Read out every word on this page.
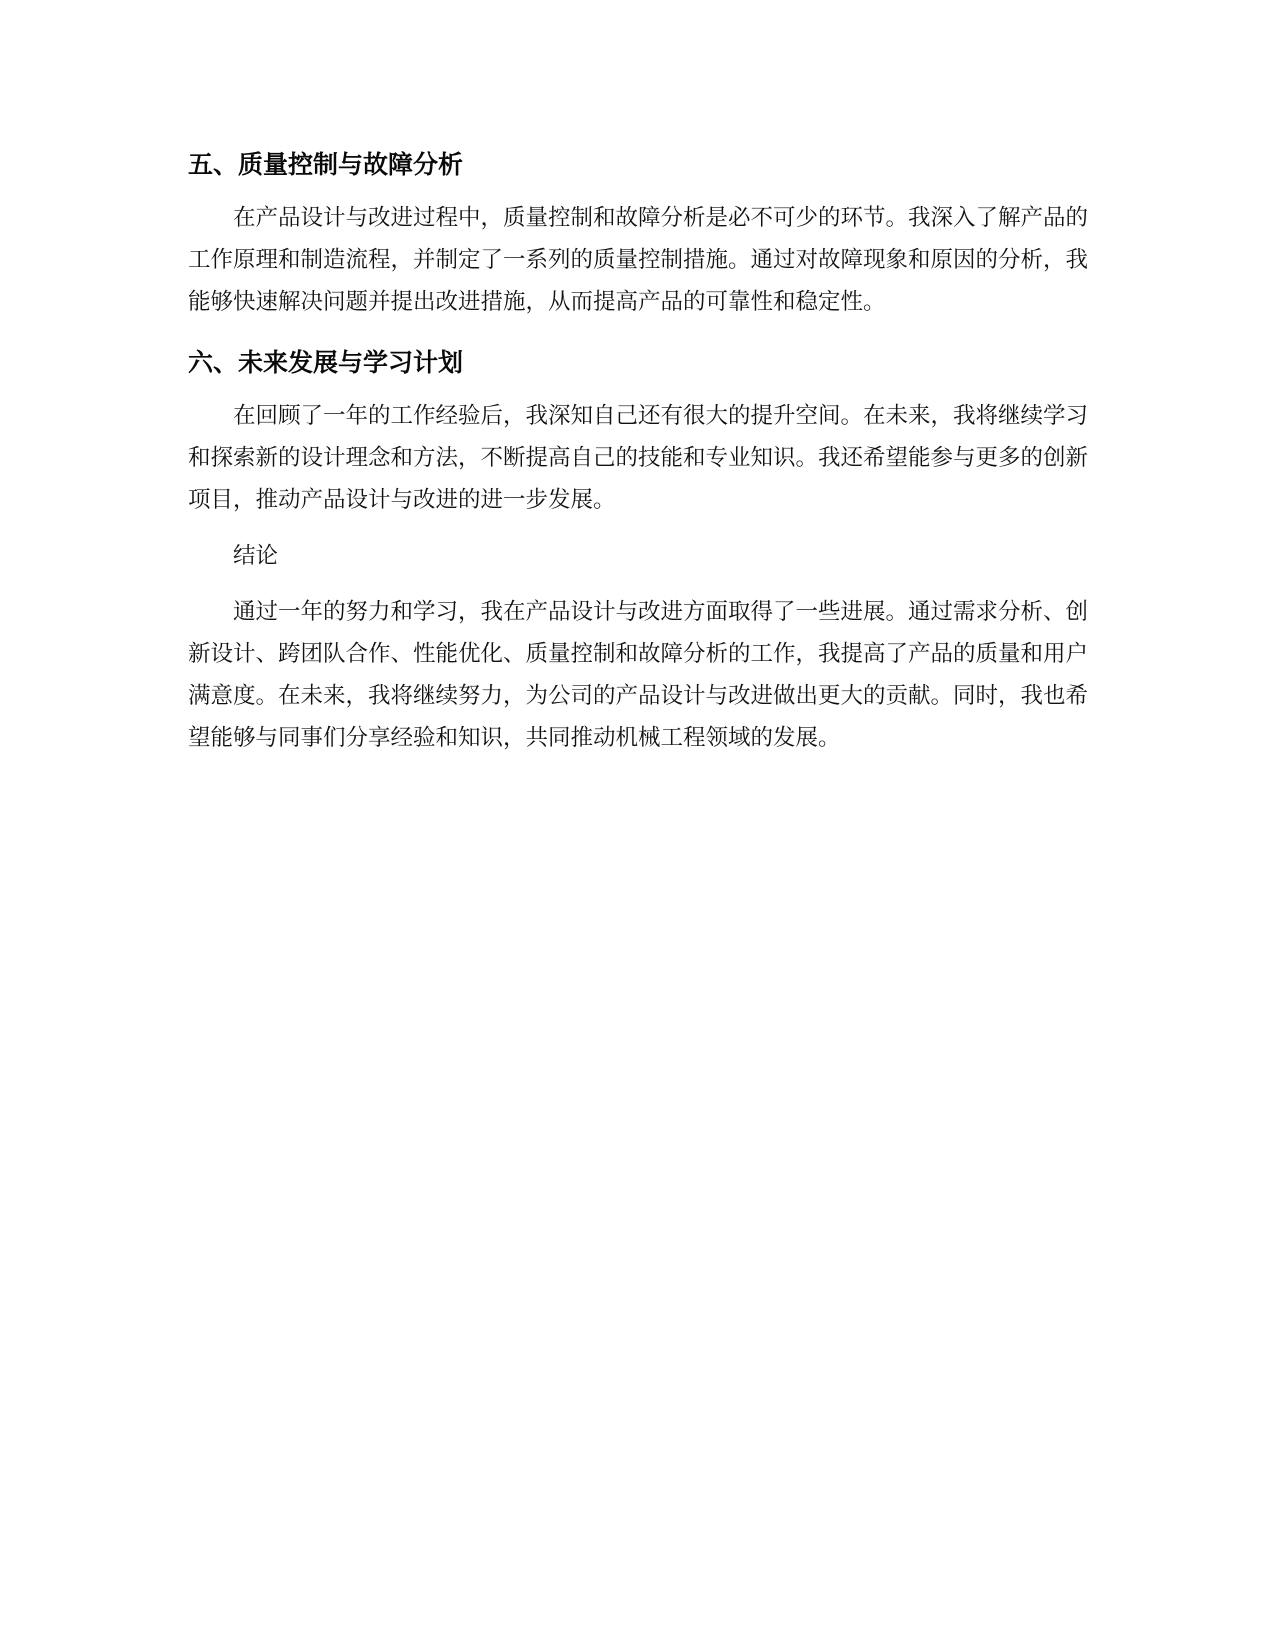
五、质量控制与故障分析

在产品设计与改进过程中，质量控制和故障分析是必不可少的环节。我深入了解产品的工作原理和制造流程，并制定了一系列的质量控制措施。通过对故障现象和原因的分析，我能够快速解决问题并提出改进措施，从而提高产品的可靠性和稳定性。

六、未来发展与学习计划

在回顾了一年的工作经验后，我深知自己还有很大的提升空间。在未来，我将继续学习和探索新的设计理念和方法，不断提高自己的技能和专业知识。我还希望能参与更多的创新项目，推动产品设计与改进的进一步发展。

结论

通过一年的努力和学习，我在产品设计与改进方面取得了一些进展。通过需求分析、创新设计、跨团队合作、性能优化、质量控制和故障分析的工作，我提高了产品的质量和用户满意度。在未来，我将继续努力，为公司的产品设计与改进做出更大的贡献。同时，我也希望能够与同事们分享经验和知识，共同推动机械工程领域的发展。
